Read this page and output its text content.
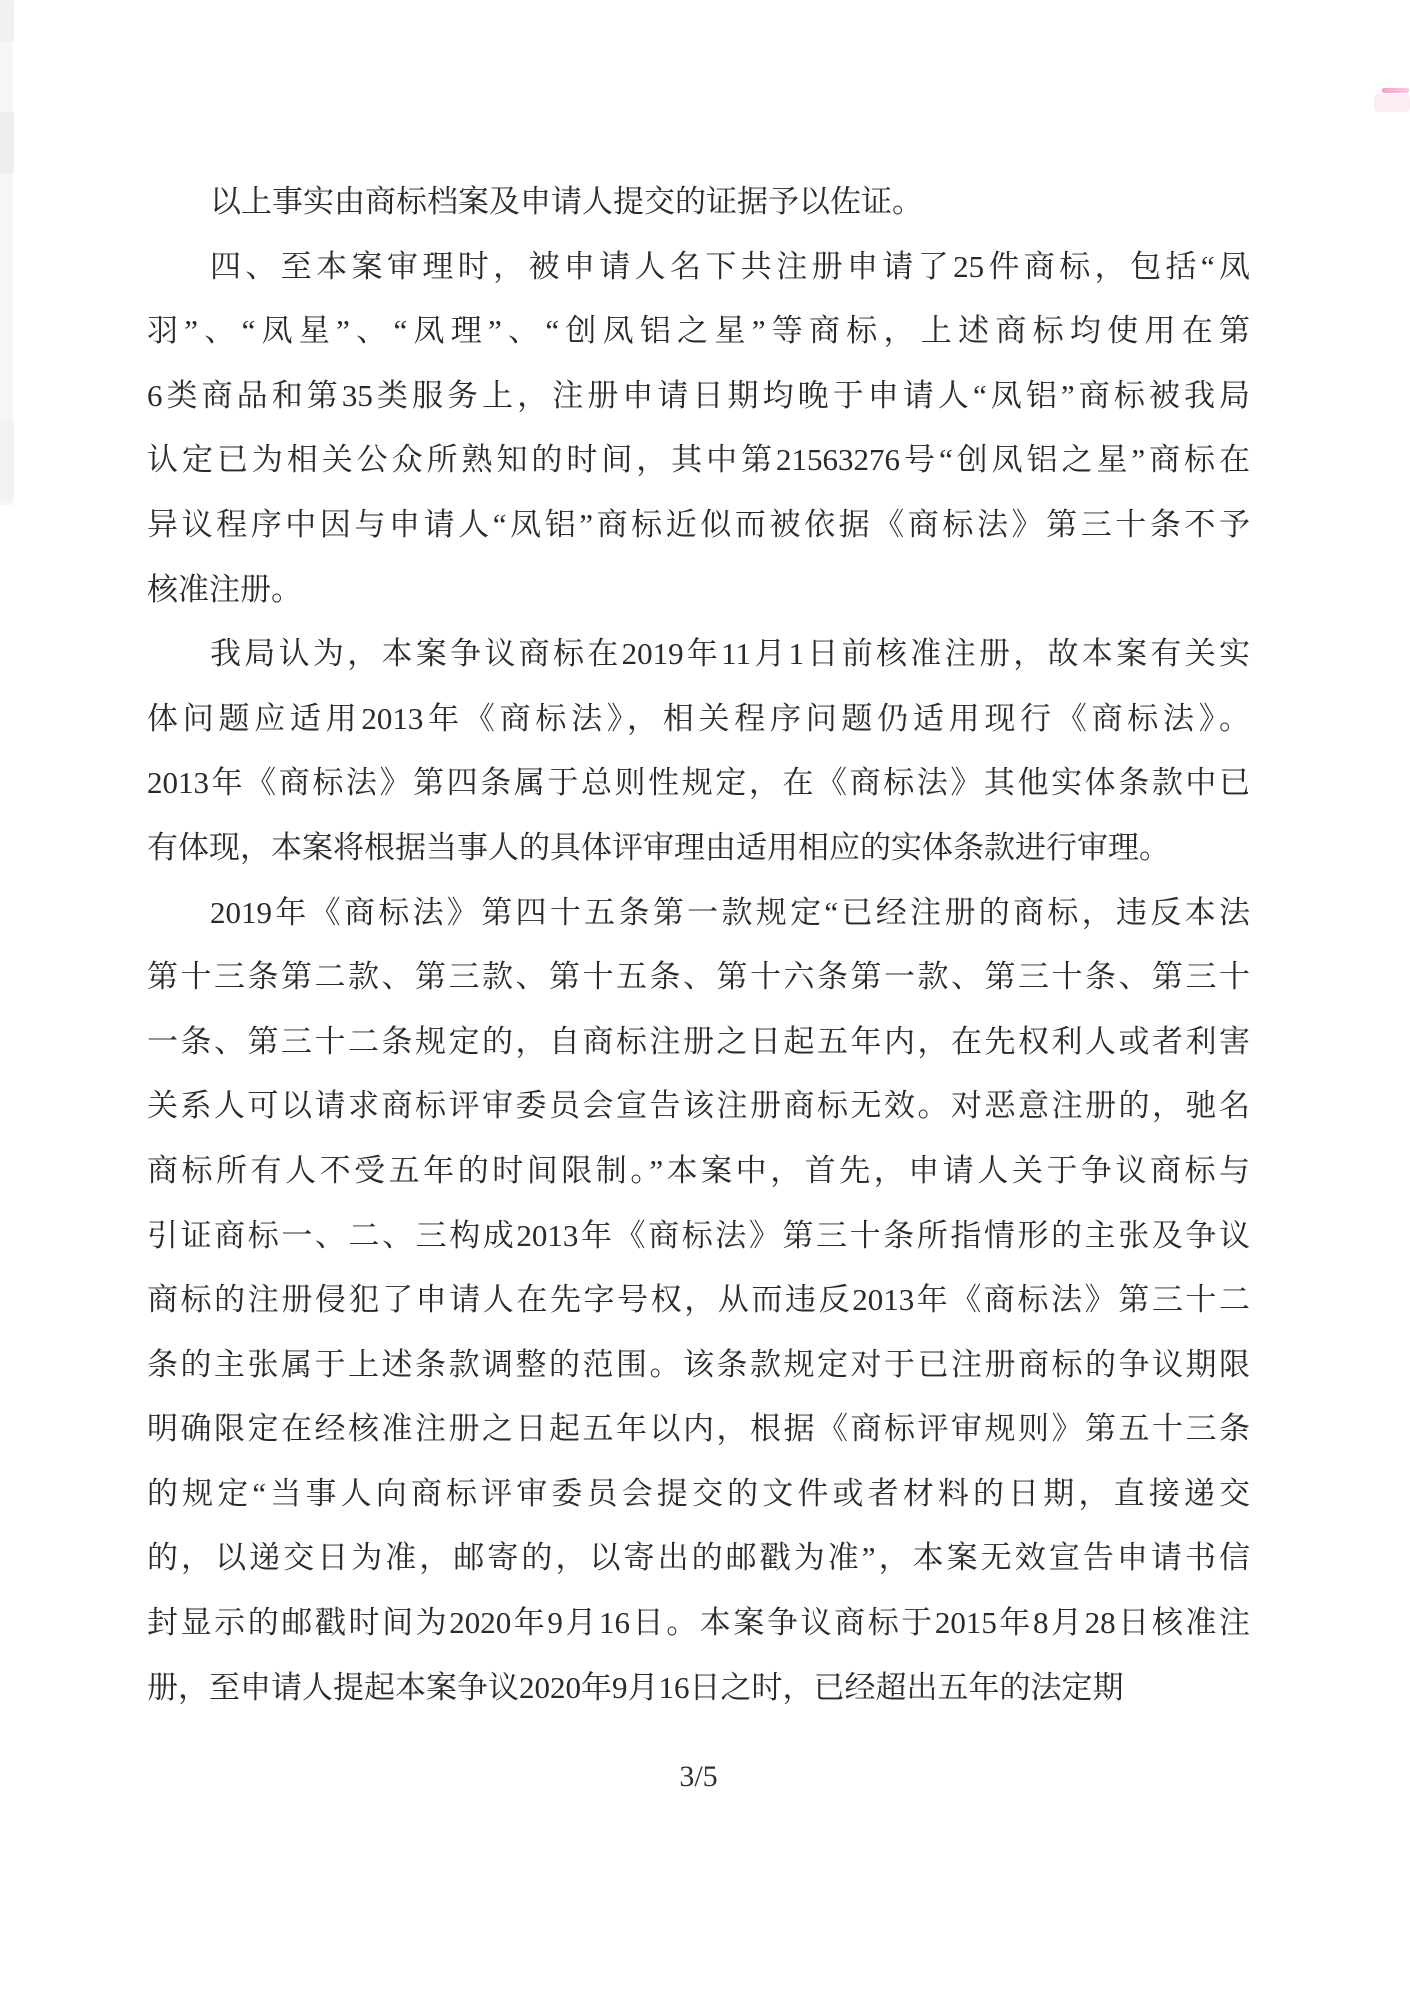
以上事实由商标档案及申请人提交的证据予以佐证。
四、至本案审理时，被申请人名下共注册申请了25件商标，包括“凤
羽”、“凤星”、“凤理”、“创凤铝之星”等商标，上述商标均使用在第
6类商品和第35类服务上，注册申请日期均晚于申请人“凤铝”商标被我局
认定已为相关公众所熟知的时间，其中第21563276号“创凤铝之星”商标在
异议程序中因与申请人“凤铝”商标近似而被依据《商标法》第三十条不予
核准注册。
我局认为，本案争议商标在2019年11月1日前核准注册，故本案有关实
体问题应适用2013年《商标法》，相关程序问题仍适用现行《商标法》。
2013年《商标法》第四条属于总则性规定，在《商标法》其他实体条款中已
有体现，本案将根据当事人的具体评审理由适用相应的实体条款进行审理。
2019年《商标法》第四十五条第一款规定“已经注册的商标，违反本法
第十三条第二款、第三款、第十五条、第十六条第一款、第三十条、第三十
一条、第三十二条规定的，自商标注册之日起五年内，在先权利人或者利害
关系人可以请求商标评审委员会宣告该注册商标无效。对恶意注册的，驰名
商标所有人不受五年的时间限制。”本案中，首先，申请人关于争议商标与
引证商标一、二、三构成2013年《商标法》第三十条所指情形的主张及争议
商标的注册侵犯了申请人在先字号权，从而违反2013年《商标法》第三十二
条的主张属于上述条款调整的范围。该条款规定对于已注册商标的争议期限
明确限定在经核准注册之日起五年以内，根据《商标评审规则》第五十三条
的规定“当事人向商标评审委员会提交的文件或者材料的日期，直接递交
的，以递交日为准，邮寄的，以寄出的邮戳为准”，本案无效宣告申请书信
封显示的邮戳时间为2020年9月16日。本案争议商标于2015年8月28日核准注
册，至申请人提起本案争议2020年9月16日之时，已经超出五年的法定期
3/5
